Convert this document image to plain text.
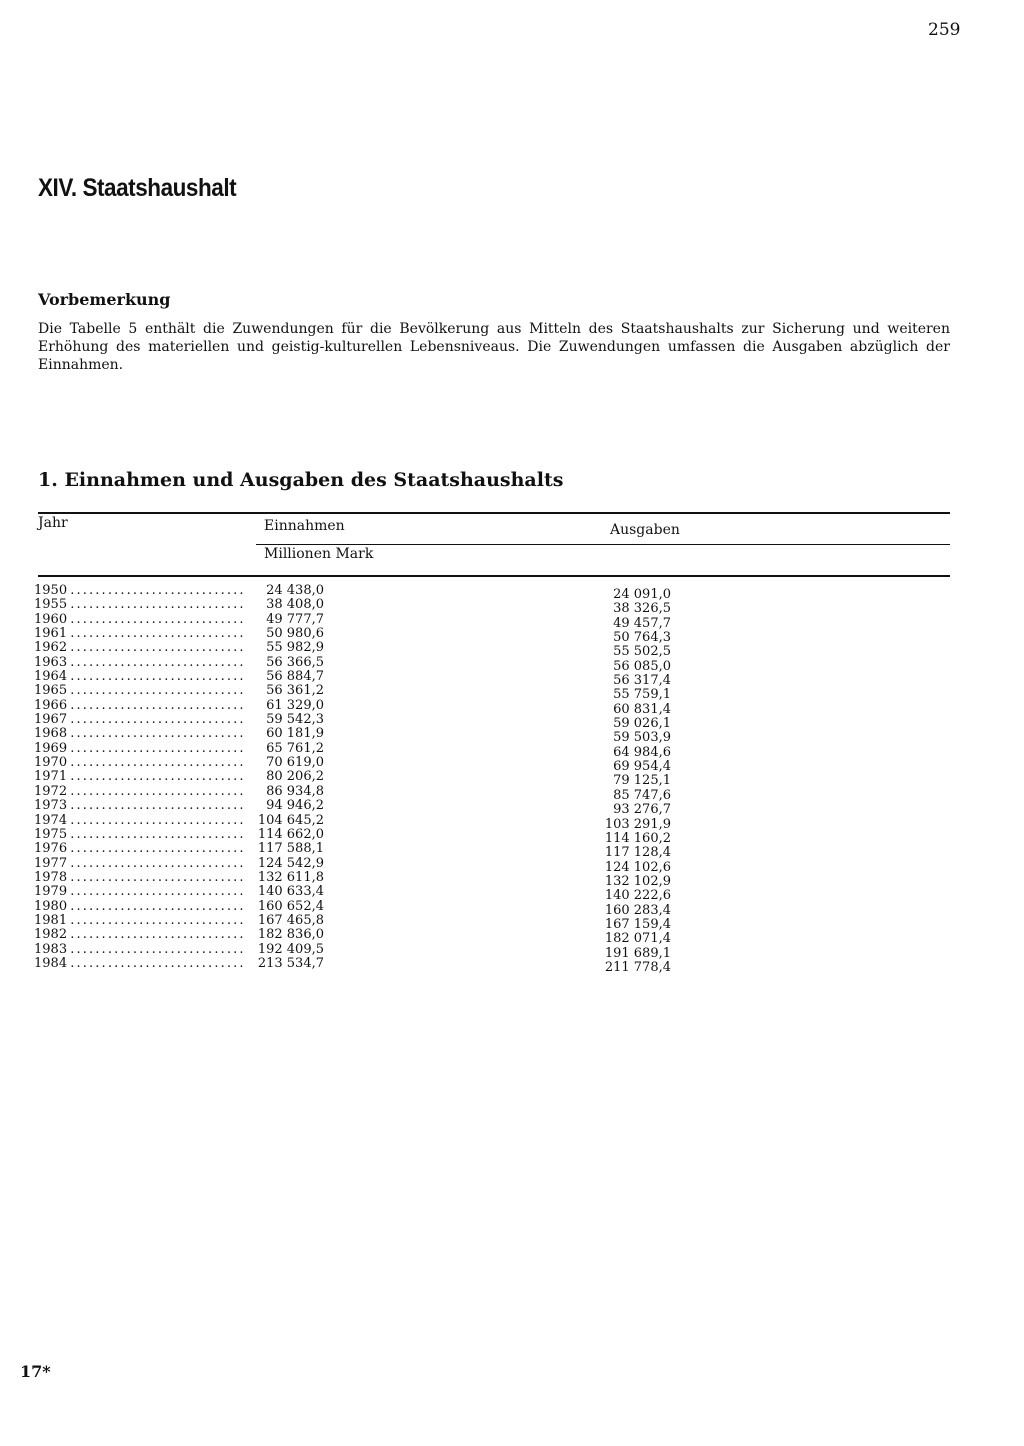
259
XIV. Staatshaushalt
Vorbemerkung

Die Tabelle 5 enthält die Zuwendungen für die Bevölkerung aus Mitteln des Staatshaushalts zur Sicherung und weiteren Erhöhung des materiellen und geistig-kulturellen Lebensniveaus. Die Zuwendungen umfassen die Ausgaben abzüglich der Einnahmen.

1. Einnahmen und Ausgaben des Staatshaushalts
Jahr	Einnahmen	Ausgaben
Millionen Mark
1950 . . .	24 438,0	24 091,0
1955 . . .	38 408,0	38 326,5
1960 . . .	49 777,7	49 457,7
1961 . . .	50 980,6	50 764,3
1962 . . .	55 982,9	55 502,5
1963 . . .	56 366,5	56 085,0
1964 . . .	56 884,7	56 317,4
1965 . . .	56 361,2	55 759,1
1966 . . .	61 329,0	60 831,4
1967 . . .	59 542,3	59 026,1
1968 . . .	60 181,9	59 503,9
1969 . . .	65 761,2	64 984,6
1970 . . .	70 619,0	69 954,4
1971 . . .	80 206,2	79 125,1
1972 . . .	86 934,8	85 747,6
1973 . . .	94 946,2	93 276,7
1974 . . .	104 645,2	103 291,9
1975 . . .	114 662,0	114 160,2
1976 . . .	117 588,1	117 128,4
1977 . . .	124 542,9	124 102,6
1978 . . .	132 611,8	132 102,9
1979 . . .	140 633,4	140 222,6
1980 . . .	160 652,4	160 283,4
1981 . . .	167 465,8	167 159,4
1982 . . .	182 836,0	182 071,4
1983 . . .	192 409,5	191 689,1
1984 . . .	213 534,7	211 778,4
17*
